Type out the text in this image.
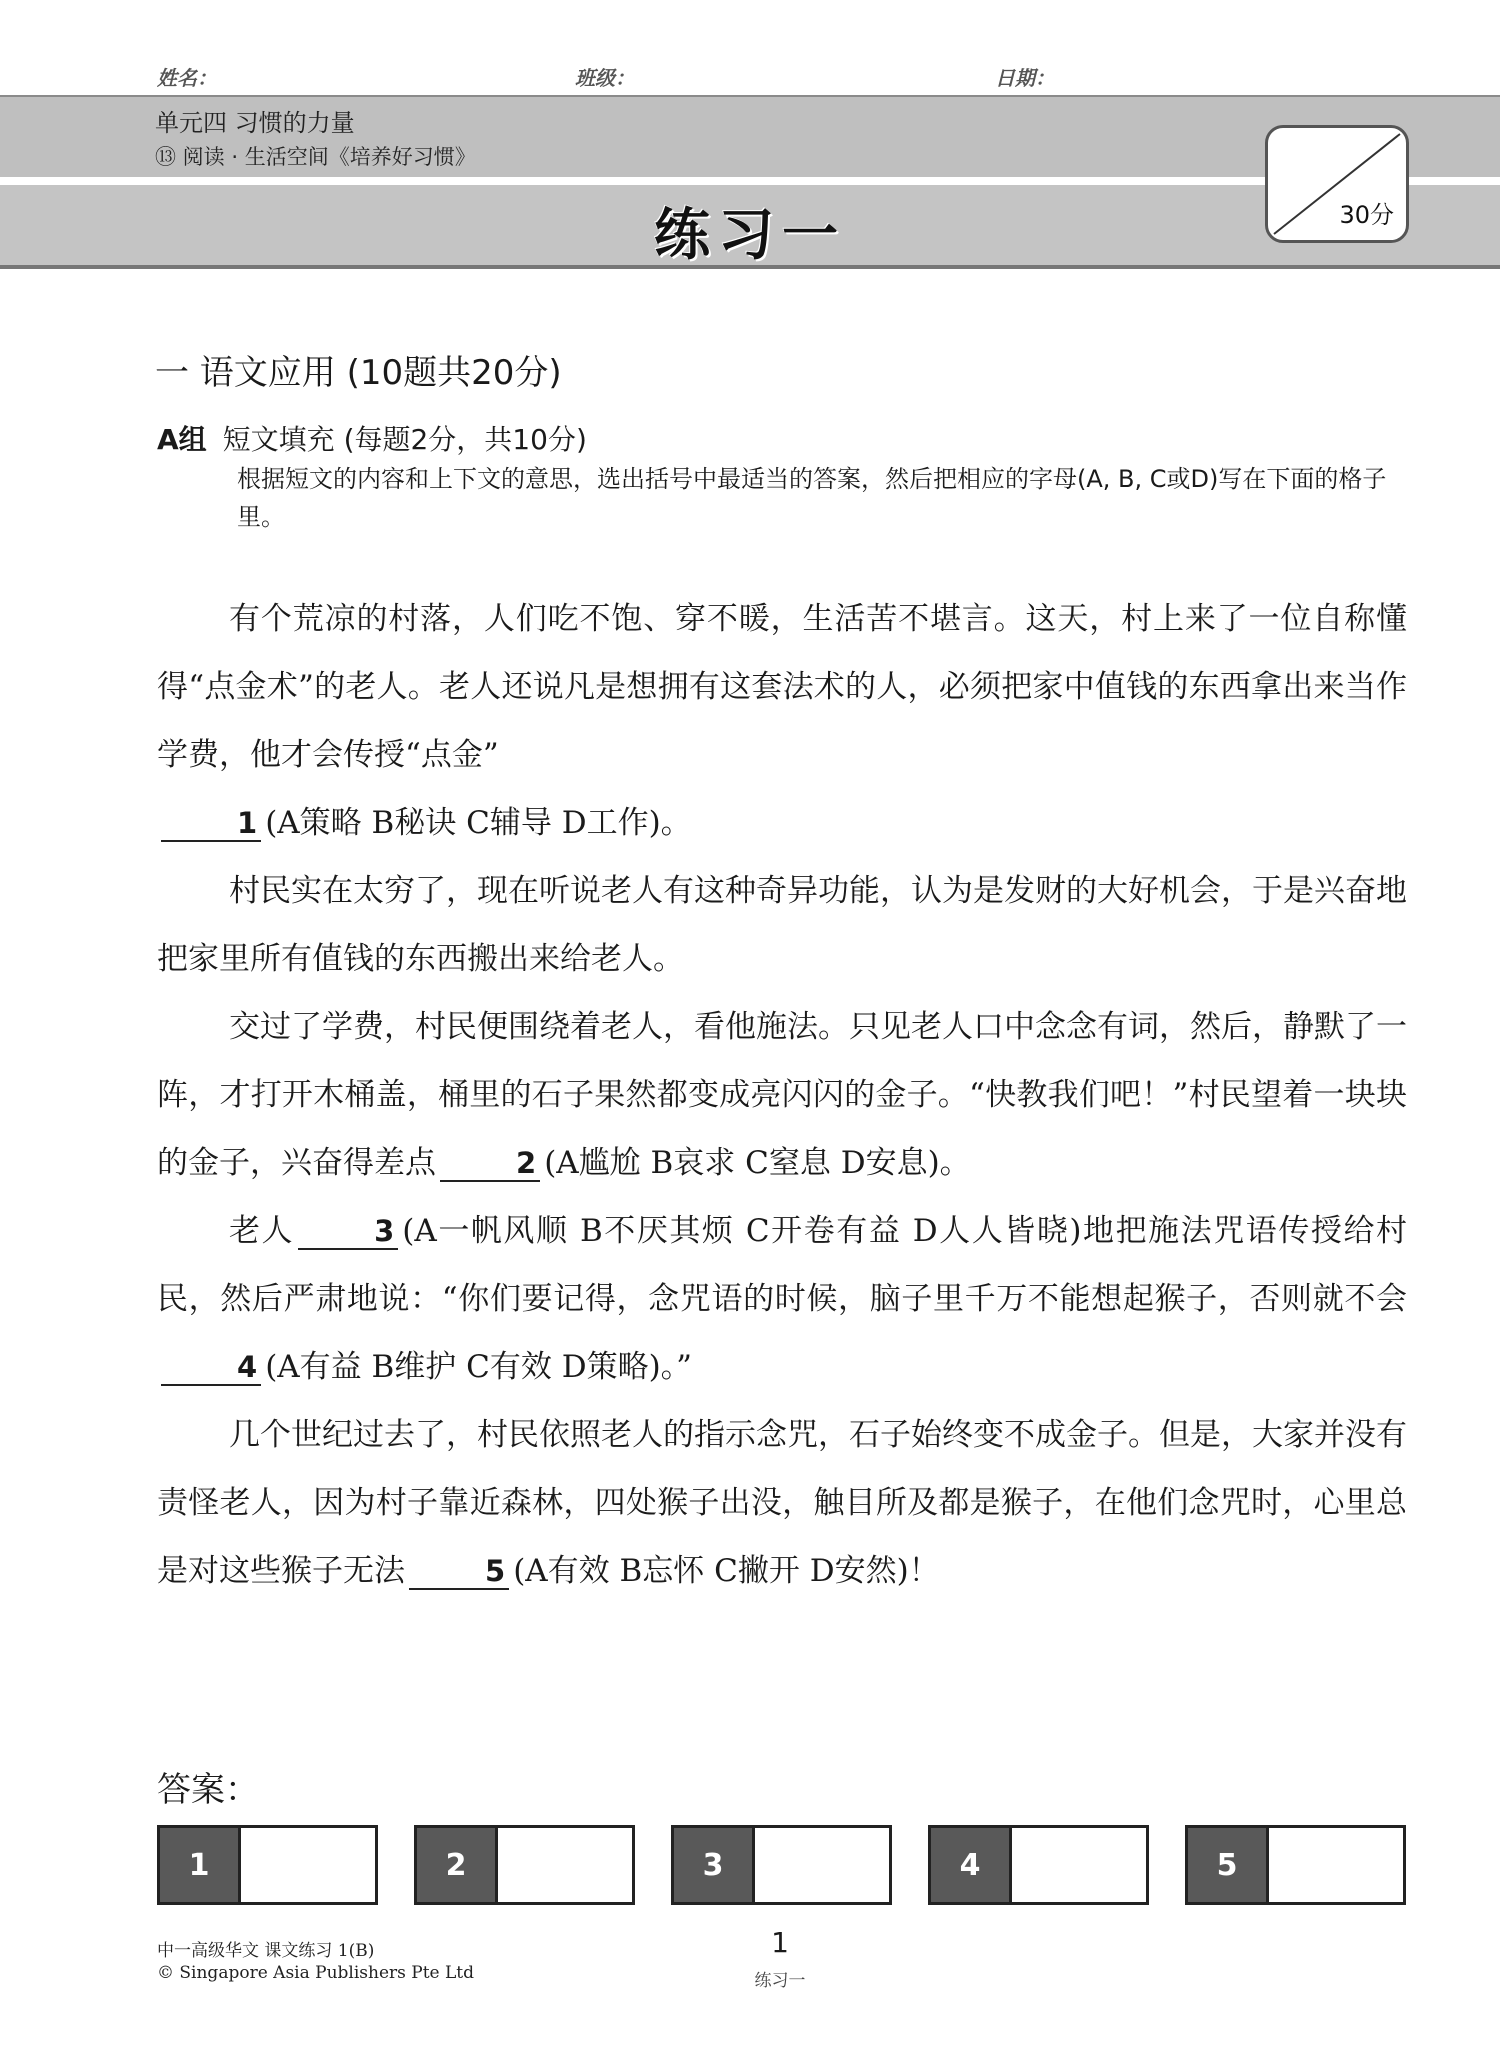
姓名：	班级：	日期：
单元四 习惯的力量
⑬ 阅读 · 生活空间《培养好习惯》
练习一	30分
一 语文应用 (10题共20分)
A组 短文填充 (每题2分，共10分)
根据短文的内容和上下文的意思，选出括号中最适当的答案，然后把相应的字母(A, B, C或D)写在下面的格子里。

有个荒凉的村落，人们吃不饱、穿不暖，生活苦不堪言。这天，村上来了一位自称懂得“点金术”的老人。老人还说凡是想拥有这套法术的人，必须把家中值钱的东西拿出来当作学费，他才会传授“点金”
1 (A策略 B秘诀 C辅导 D工作)。

村民实在太穷了，现在听说老人有这种奇异功能，认为是发财的大好机会，于是兴奋地把家里所有值钱的东西搬出来给老人。

交过了学费，村民便围绕着老人，看他施法。只见老人口中念念有词，然后，静默了一阵，才打开木桶盖，桶里的石子果然都变成亮闪闪的金子。“快教我们吧！”村民望着一块块的金子，兴奋得差点	2 (A尴尬 B哀求 C窒息 D安息)。

老人	3 (A一帆风顺 B不厌其烦 C开卷有益 D人人皆晓)地把施法咒语传授给村民，然后严肃地说：“你们要记得，念咒语的时候，脑子里千万不能想起猴子，否则就不会4 (A有益 B维护 C有效 D策略)。”

几个世纪过去了，村民依照老人的指示念咒，石子始终变不成金子。但是，大家并没有责怪老人，因为村子靠近森林，四处猴子出没，触目所及都是猴子，在他们念咒时，心里总是对这些猴子无法	5 (A有效 B忘怀 C撇开 D安然)！

答案：
1	2	3	4	5
中一高级华文 课文练习 1(B)
© Singapore Asia Publishers Pte Ltd
1
练习一
